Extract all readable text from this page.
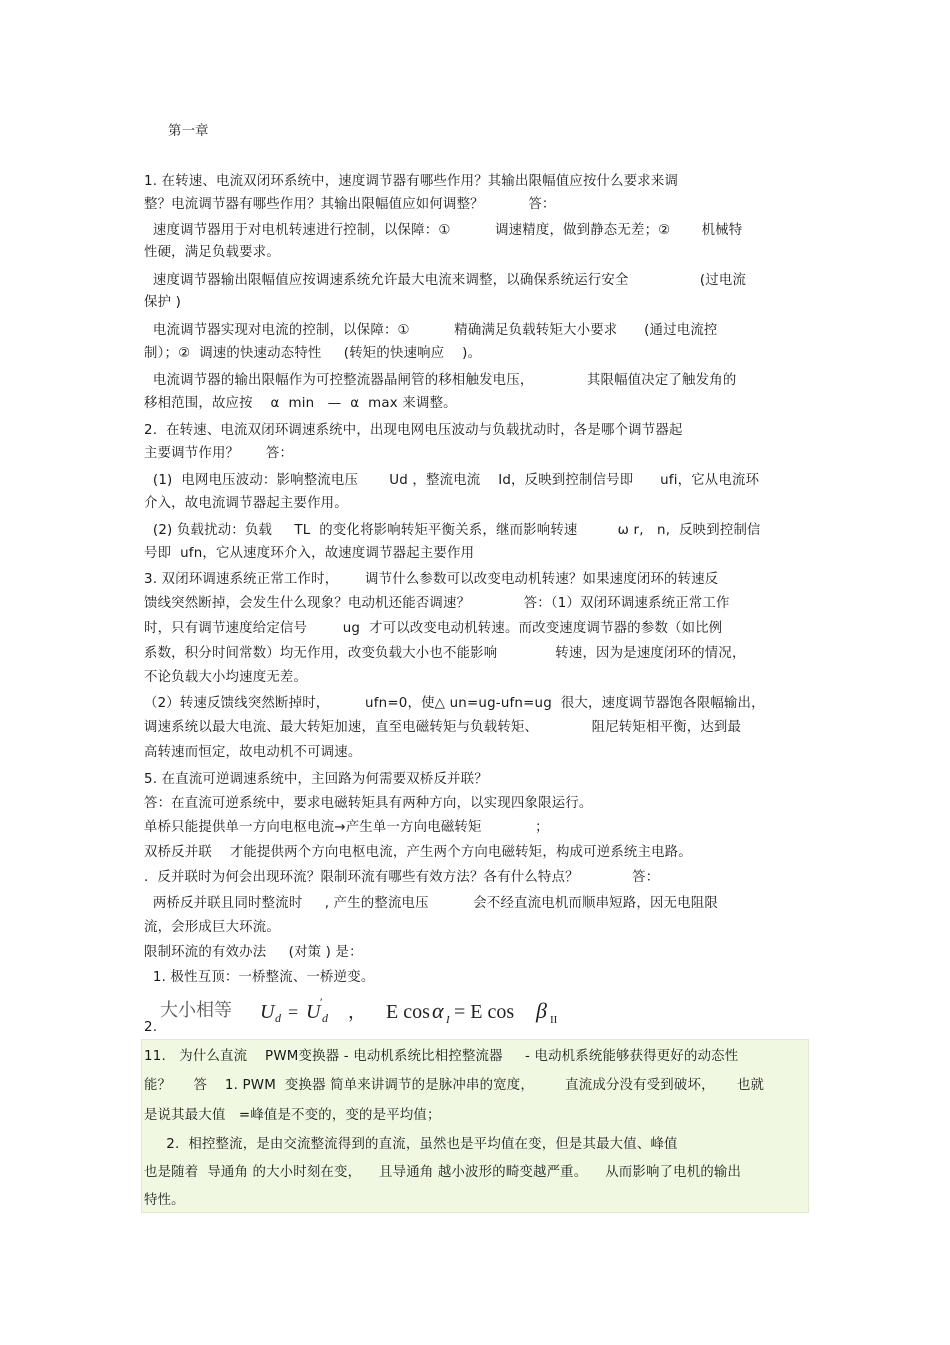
第一章
1. 在转速、电流双闭环系统中，速度调节器有哪些作用？其输出限幅值应按什么要求来调
整？电流调节器有哪些作用？其输出限幅值应如何调整？          答：
速度调节器用于对电机转速进行控制，以保障：①          调速精度，做到静态无差；②       机械特
性硬，满足负载要求。
速度调节器输出限幅值应按调速系统允许最大电流来调整，以确保系统运行安全                (过电流
保护 )
电流调节器实现对电流的控制，以保障：①          精确满足负载转矩大小要求      (通过电流控
制）；②  调速的快速动态特性     (转矩的快速响应    )。
电流调节器的输出限幅作为可控整流器晶闸管的移相触发电压，            其限幅值决定了触发角的
移相范围，故应按    α  min   —  α  max 来调整。
2.  在转速、电流双闭环调速系统中，出现电网电压波动与负载扰动时，各是哪个调节器起
主要调节作用？      答：
(1)  电网电压波动：影响整流电压       Ud ，整流电流    Id，反映到控制信号即      ufi，它从电流环
介入，故电流调节器起主要作用。
(2) 负载扰动：负载     TL  的变化将影响转矩平衡关系，继而影响转速         ω r,   n,  反映到控制信
号即  ufn，它从速度环介入，故速度调节器起主要作用
3. 双闭环调速系统正常工作时，      调节什么参数可以改变电动机转速？如果速度闭环的转速反
馈线突然断掉，会发生什么现象？电动机还能否调速？            答：（1）双闭环调速系统正常工作
时，只有调节速度给定信号        ug  才可以改变电动机转速。而改变速度调节器的参数（如比例
系数，积分时间常数）均无作用，改变负载大小也不能影响             转速，因为是速度闭环的情况，
不论负载大小均速度无差。
（2）转速反馈线突然断掉时，        ufn=0，使△ un=ug-ufn=ug  很大，速度调节器饱各限幅输出，
调速系统以最大电流、最大转矩加速，直至电磁转矩与负载转矩、            阻尼转矩相平衡，达到最
高转速而恒定，故电动机不可调速。
5. 在直流可逆调速系统中，主回路为何需要双桥反并联？
答：在直流可逆系统中，要求电磁转矩具有两种方向，以实现四象限运行。
单桥只能提供单一方向电枢电流→产生单一方向电磁转矩            ；
双桥反并联    才能提供两个方向电枢电流，产生两个方向电磁转矩，构成可逆系统主电路。
.  反并联时为何会出现环流？限制环流有哪些有效方法？各有什么特点？            答：
两桥反并联且同时整流时     , 产生的整流电压          会不经直流电机而顺串短路，因无电阻限
流，会形成巨大环流。
限制环流的有效办法     (对策 ) 是：
1. 极性互顶：一桥整流、一桥逆变。
大小相等 U d = U ′
d ， E cos α I = E cos β II
2.
11.   为什么直流    PWM变换器 - 电动机系统比相控整流器     - 电动机系统能够获得更好的动态性
能？     答    1. PWM  变换器 简单来讲调节的是脉冲串的宽度，       直流成分没有受到破坏，     也就
是说其最大值   =峰值是不变的，变的是平均值；
2.  相控整流，是由交流整流得到的直流，虽然也是平均值在变，但是其最大值、峰值
也是随着  导通角 的大小时刻在变，    且导通角 越小波形的畸变越严重。    从而影响了电机的输出
特性。
